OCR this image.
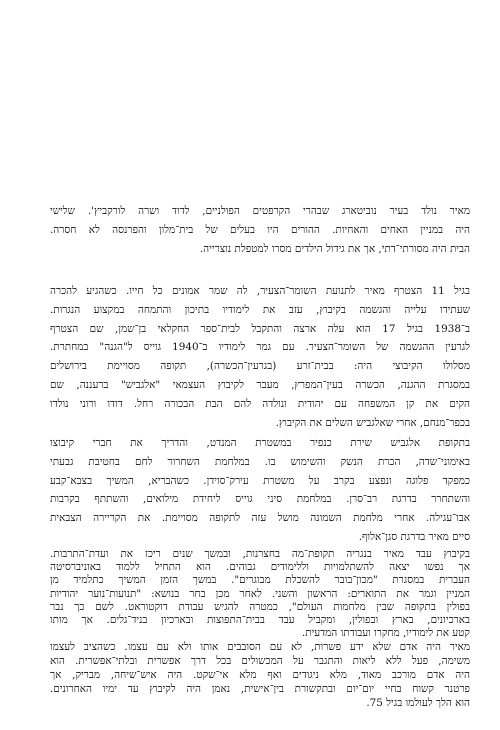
מאיר נולד בעיר נוביטארג שבהרי הקרפטים הפולניים, לדוד ושרה לורקביץ'. שלישי
היה במניין האחים והאחיות. ההורים היו בעלים של בית־מלון והפרנסה לא חסרה.
הבית היה מסורתי־דתי, אך את גידול הילדים מסרו למטפלת נוצרייה.
בגיל 11 הצטרף מאיר לתנועת השומר־הצעיר, לה שמר אמונים כל חייו. כשהגיע להכרה
שעתידו עלייה והגשמה בקיבוץ, עזב את לימודיו בתיכון והתמחה במקצוע הנגרות.
ב־1938 בגיל 17 הוא עלה ארצה והתקבל לבית־ספר החקלאי בן־שמן, שם הצטרף
לגרעין ההגשמה של השומר־הצעיר. עם גמר לימודיו ב־1940 גוייס ל"הגנה" במחתרת.
מסלולו הקיבוצי היה: בבית־זרע (בגרעין־הכשרה), תקופה מסויימת בירושלים
במסגרת ההגנה, הכשרה בעין־המפרץ, מעבר לקיבוץ העצמאי "אלגביש" ברעננה, שם
הקים את קן המשפחה עם יהודית ונולדה להם הבת הבכורה רחל. דודו ורוני נולדו
בכפר־מנחם, אחרי שאלגביש השלים את הקיבוץ.
בתקופת אלגביש שירת כנפיר במשטרת המנדט, והדריך את חברי קיבוצו
באימוני־שדה, הכרת הנשק והשימוש בו. במלחמת השחרור לחם בחטיבת גבעתי
כמפקד פלוגה ונפצע בקרב על משטרת עירק־סוידן. כשהבריא, המשיך בצבא־קבע
והשתחרר בדרגת רב־סרן. במלחמת סיני גוייס ליחידת מילואים, והשתתף בקרבות
אבו־עגילה. אחרי מלחמת השמונה מושל עזה לתקופה מסויימת. את הקריירה הצבאית
סיים מאיר בדרגת סגן־אלוף.
בקיבוץ עבד מאיר בנגריה תקופת־מה בחצרנות, ובמשך שנים ריכז את ועדת־התרבות.
אך נפשו יצאה להשתלמויות וללימודים גבוהים. הוא התחיל ללמוד באוניברסיטה
העברית במסגרת "מכון־בובר להשכלת מבוגרים". במשך הזמן המשיך כתלמיד מן
המניין וגמר את התוארים: הראשון והשני. לאחר מכן בחר בנושא: "תנועות־נוער יהודיות
בפולין בתקופה שבין מלחמות העולם", כמטרה להגיש עבודת דוקטוראט. לשם כך נבר
בארכיונים, בארץ ובפולין, ומקביל עבד בבית־התפוצות ובארכיון בניד־גלים. אך מותו
קטע את לימודיו, מחקרו ועבודתו המדעית.
מאיר היה אדם שלא ידע פשרות, לא עם הסובבים אותו ולא עם עצמו. כשהציב לעצמו
משימה, פעל ללא ליאות והתגבר על המכשולים בכל דרך אפשרית ובלתי־אפשרית. הוא
היה אדם מורכב מאוד, מלא ניגודים ואף מלא אי־שקט. היה איש־שיחה, מבריק, אך
פרטנר קשוח בחיי יום־יום ובתקשורת בין־אישית, נאמן היה לקיבוץ עד ימיו האחרונים.
הוא הלך לעולמו בגיל 75.
